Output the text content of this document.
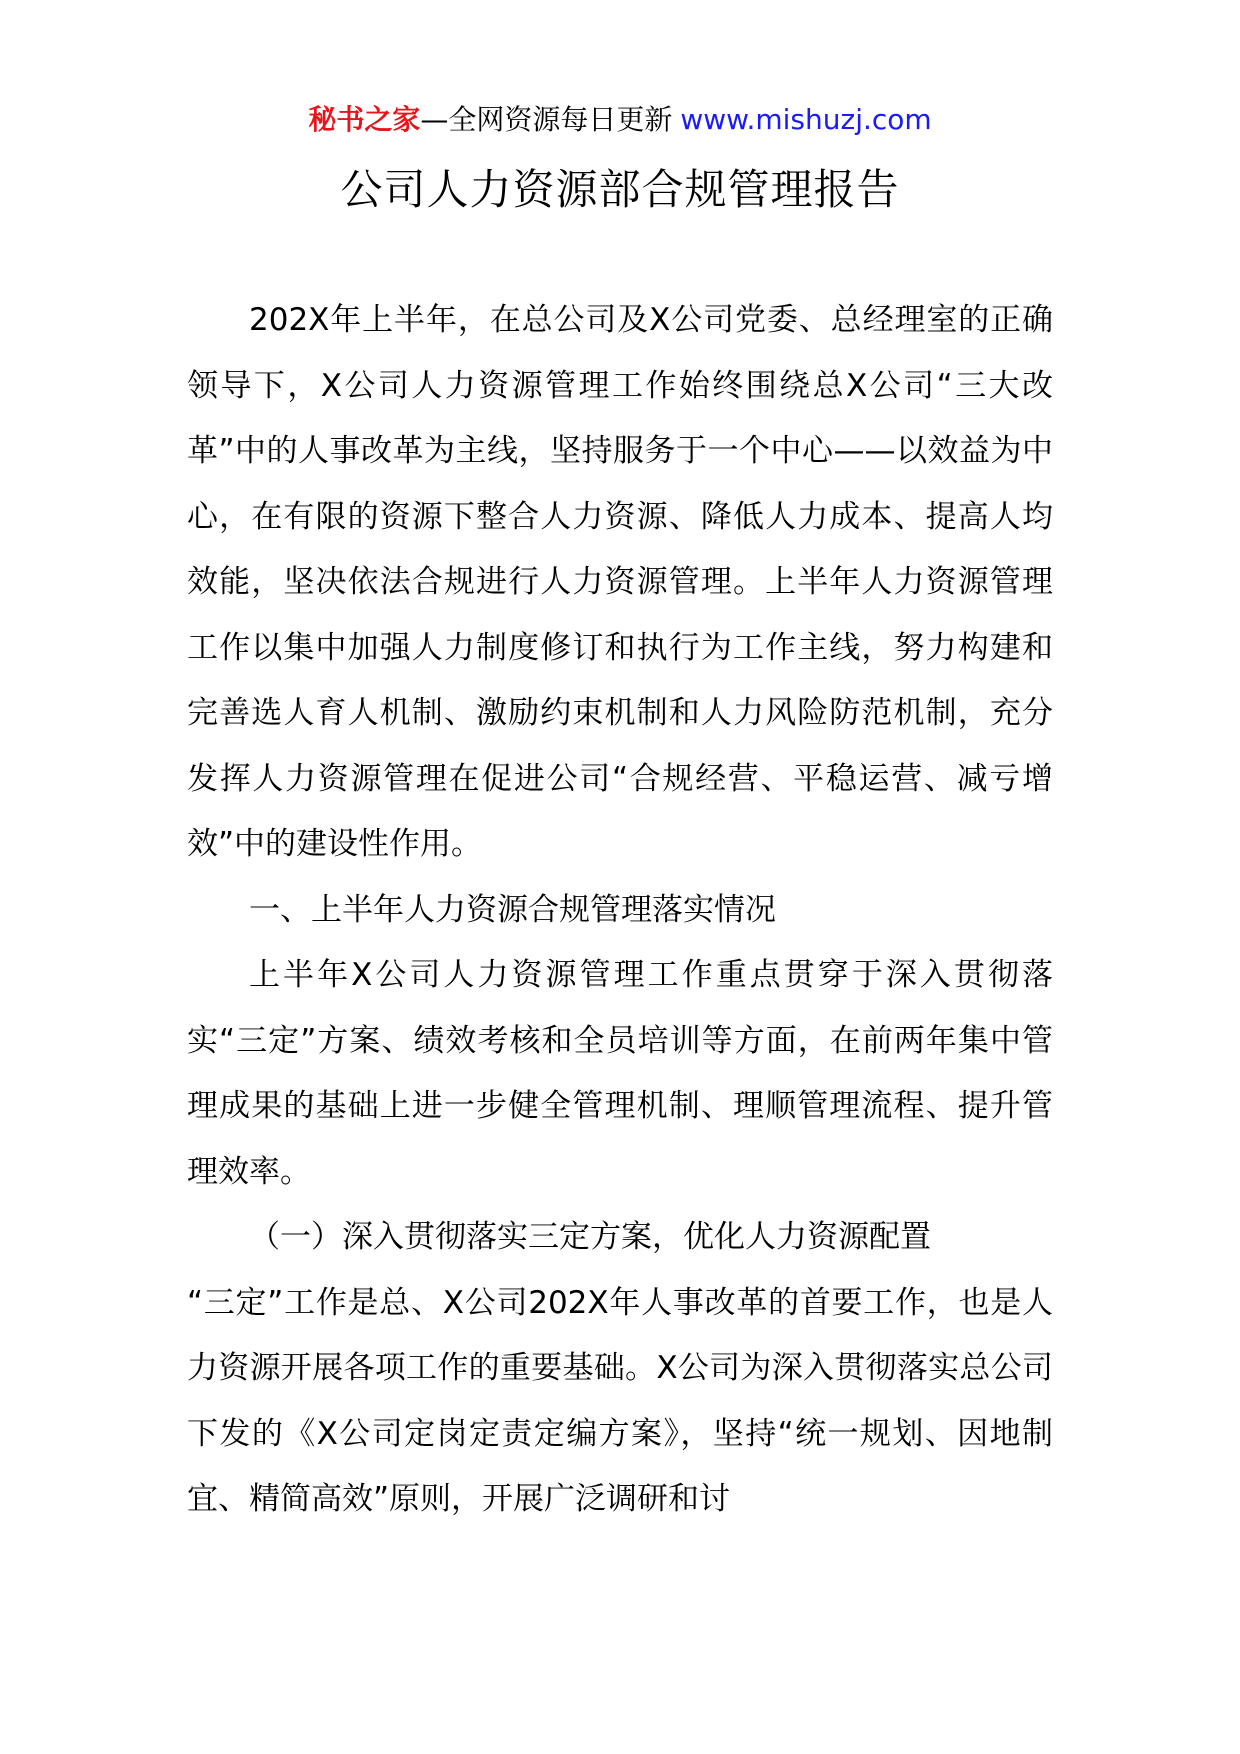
秘书之家—全网资源每日更新 www.mishuzj.com
公司人力资源部合规管理报告

202X年上半年，在总公司及X公司党委、总经理室的正确领导下，X公司人力资源管理工作始终围绕总X公司“三大改革”中的人事改革为主线，坚持服务于一个中心——以效益为中心，在有限的资源下整合人力资源、降低人力成本、提高人均效能，坚决依法合规进行人力资源管理。上半年人力资源管理工作以集中加强人力制度修订和执行为工作主线，努力构建和完善选人育人机制、激励约束机制和人力风险防范机制，充分发挥人力资源管理在促进公司“合规经营、平稳运营、减亏增效”中的建设性作用。

一、上半年人力资源合规管理落实情况

上半年X公司人力资源管理工作重点贯穿于深入贯彻落实“三定”方案、绩效考核和全员培训等方面，在前两年集中管理成果的基础上进一步健全管理机制、理顺管理流程、提升管理效率。

（一）深入贯彻落实三定方案，优化人力资源配置

“三定”工作是总、X公司202X年人事改革的首要工作，也是人力资源开展各项工作的重要基础。X公司为深入贯彻落实总公司下发的《X公司定岗定责定编方案》，坚持“统一规划、因地制宜、精简高效”原则，开展广泛调研和讨
